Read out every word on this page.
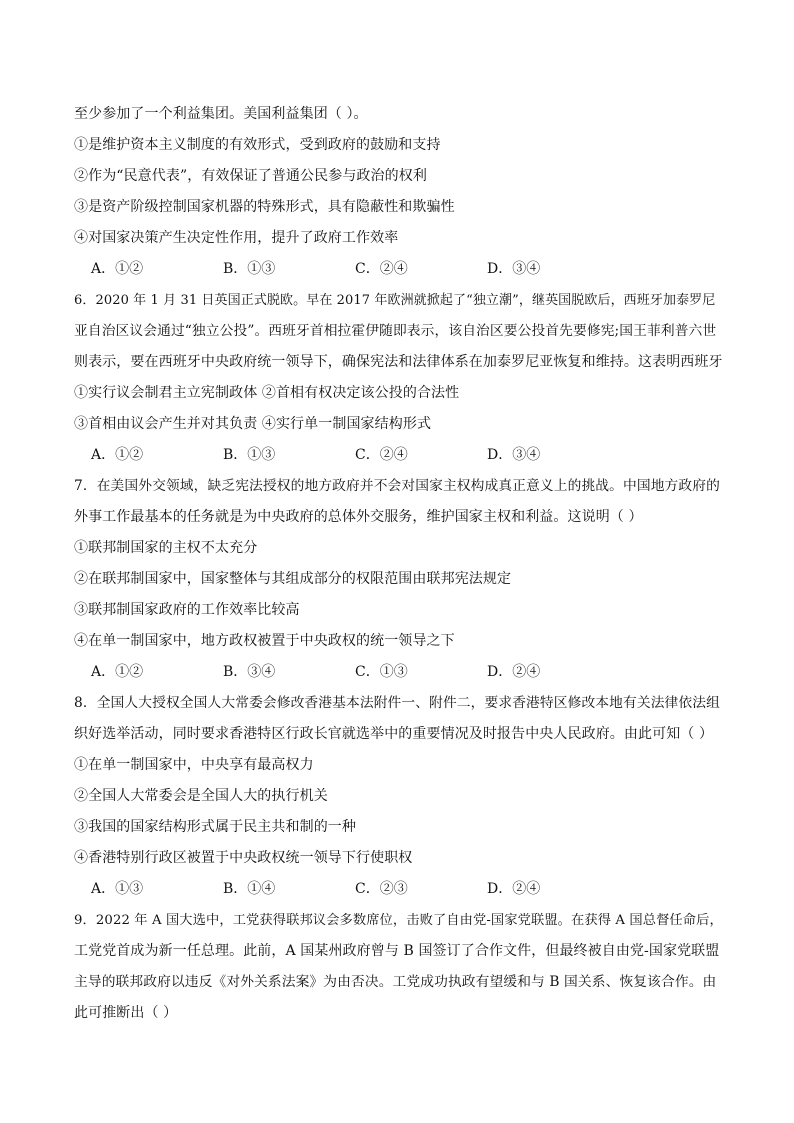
至少参加了一个利益集团。美国利益集团（ ）。
①是维护资本主义制度的有效形式，受到政府的鼓励和支持
②作为“民意代表”，有效保证了普通公民参与政治的权利
③是资产阶级控制国家机器的特殊形式，具有隐蔽性和欺骗性
④对国家决策产生决定性作用，提升了政府工作效率
A．①②	B．①③	C．②④	D．③④
6．2020 年 1 月 31 日英国正式脱欧。早在 2017 年欧洲就掀起了“独立潮”，继英国脱欧后，西班牙加泰罗尼
亚自治区议会通过“独立公投”。西班牙首相拉霍伊随即表示，该自治区要公投首先要修宪;国王菲利普六世
则表示，要在西班牙中央政府统一领导下，确保宪法和法律体系在加泰罗尼亚恢复和维持。这表明西班牙
①实行议会制君主立宪制政体 ②首相有权决定该公投的合法性
③首相由议会产生并对其负责 ④实行单一制国家结构形式
A．①②	B．①③	C．②④	D．③④
7．在美国外交领域，缺乏宪法授权的地方政府并不会对国家主权构成真正意义上的挑战。中国地方政府的
外事工作最基本的任务就是为中央政府的总体外交服务，维护国家主权和利益。这说明（ ）
①联邦制国家的主权不太充分
②在联邦制国家中，国家整体与其组成部分的权限范围由联邦宪法规定
③联邦制国家政府的工作效率比较高
④在单一制国家中，地方政权被置于中央政权的统一领导之下
A．①②	B．③④	C．①③	D．②④
8．全国人大授权全国人大常委会修改香港基本法附件一、附件二，要求香港特区修改本地有关法律依法组
织好选举活动，同时要求香港特区行政长官就选举中的重要情况及时报告中央人民政府。由此可知（ ）
①在单一制国家中，中央享有最高权力
②全国人大常委会是全国人大的执行机关
③我国的国家结构形式属于民主共和制的一种
④香港特别行政区被置于中央政权统一领导下行使职权
A．①③	B．①④	C．②③	D．②④
9．2022 年 A 国大选中，工党获得联邦议会多数席位，击败了自由党-国家党联盟。在获得 A 国总督任命后，
工党党首成为新一任总理。此前，A 国某州政府曾与 B 国签订了合作文件，但最终被自由党-国家党联盟
主导的联邦政府以违反《对外关系法案》为由否决。工党成功执政有望缓和与 B 国关系、恢复该合作。由
此可推断出（ ）
